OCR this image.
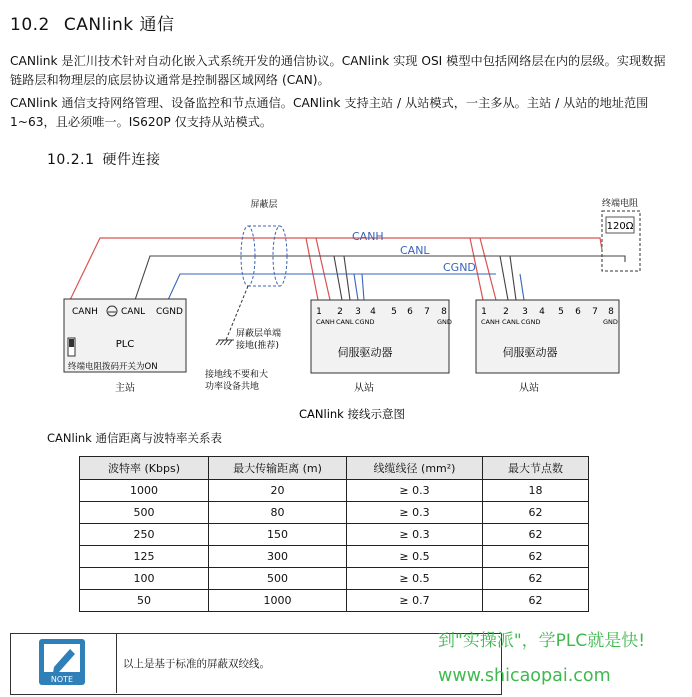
10.2 CANlink 通信
CANlink 是汇川技术针对自动化嵌入式系统开发的通信协议。CANlink 实现 OSI 模型中包括网络层在内的层级。实现数据链路层和物理层的底层协议通常是控制器区域网络 (CAN)。
CANlink 通信支持网络管理、设备监控和节点通信。CANlink 支持主站 / 从站模式，一主多从。主站 / 从站的地址范围 1~63，且必须唯一。IS620P 仅支持从站模式。
10.2.1 硬件连接
120Ω
终端电阻
CANH
CANL
CGND
屏蔽层
屏蔽层单端
接地(推荐)
CANH	CANL CGND
PLC
终端电阻拨码开关为ON
主站
接地线不要和大
功率设备共地
1 2 3 4 5 6 7 8
CANH CANL CGND	GND
伺服驱动器
从站
1 2 3 4 5 6 7 8
CANH CANL CGND	GND
伺服驱动器
从站
CANlink 接线示意图
CANlink 通信距离与波特率关系表
波特率 (Kbps)	最大传输距离 (m)	线缆线径 (mm²)	最大节点数
1000	20	≥ 0.3	18
500	80	≥ 0.3	62
250	150	≥ 0.3	62
125	300	≥ 0.5	62
100	500	≥ 0.5	62
50	1000	≥ 0.7	62
NOTE
以上是基于标准的屏蔽双绞线。
到"实操派"，学PLC就是快!
www.shicaopai.com
